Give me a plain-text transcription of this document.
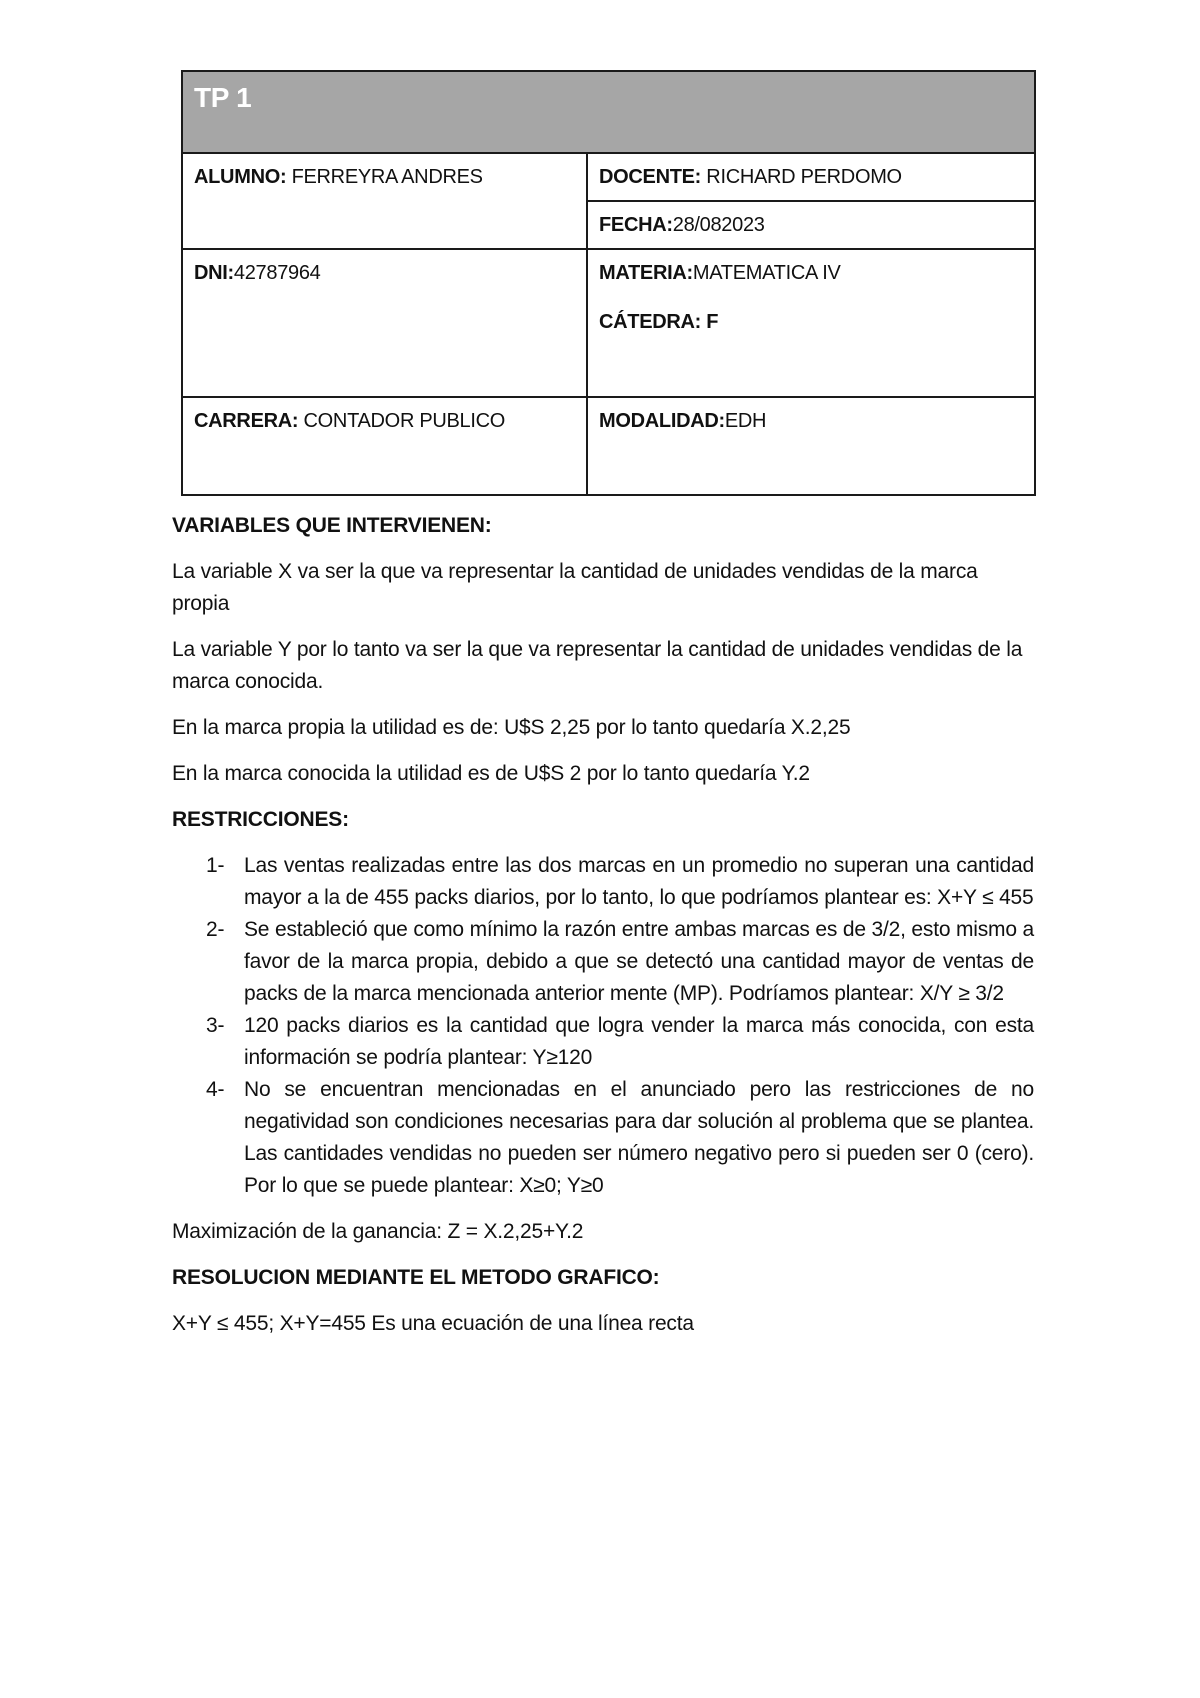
TP 1	

ALUMNO: FERREYRA ANDRES	DOCENTE: RICHARD PERDOMO

	FECHA:28/082023

DNI:42787964	MATERIA:MATEMATICA IV
CÁTEDRA: F

CARRERA: CONTADOR PUBLICO	MODALIDAD:EDH

VARIABLES QUE INTERVIENEN:

La variable X va ser la que va representar la cantidad de unidades vendidas de la marca propia

La variable Y por lo tanto va ser la que va representar la cantidad de unidades vendidas de la marca conocida.

En la marca propia la utilidad es de: U$S 2,25 por lo tanto quedaría X.2,25

En la marca conocida la utilidad es de U$S 2 por lo tanto quedaría Y.2

RESTRICCIONES:

1- Las ventas realizadas entre las dos marcas en un promedio no superan una cantidad mayor a la de 455 packs diarios, por lo tanto, lo que podríamos plantear es: X+Y ≤ 455
2- Se estableció que como mínimo la razón entre ambas marcas es de 3/2, esto mismo a favor de la marca propia, debido a que se detectó una cantidad mayor de ventas de packs de la marca mencionada anterior mente (MP). Podríamos plantear: X/Y ≥ 3/2
3- 120 packs diarios es la cantidad que logra vender la marca más conocida, con esta información se podría plantear: Y≥120
4- No se encuentran mencionadas en el anunciado pero las restricciones de no negatividad son condiciones necesarias para dar solución al problema que se plantea. Las cantidades vendidas no pueden ser número negativo pero si pueden ser 0 (cero). Por lo que se puede plantear: X≥0; Y≥0

Maximización de la ganancia: Z = X.2,25+Y.2

RESOLUCION MEDIANTE EL METODO GRAFICO:

X+Y ≤ 455; X+Y=455 Es una ecuación de una línea recta
